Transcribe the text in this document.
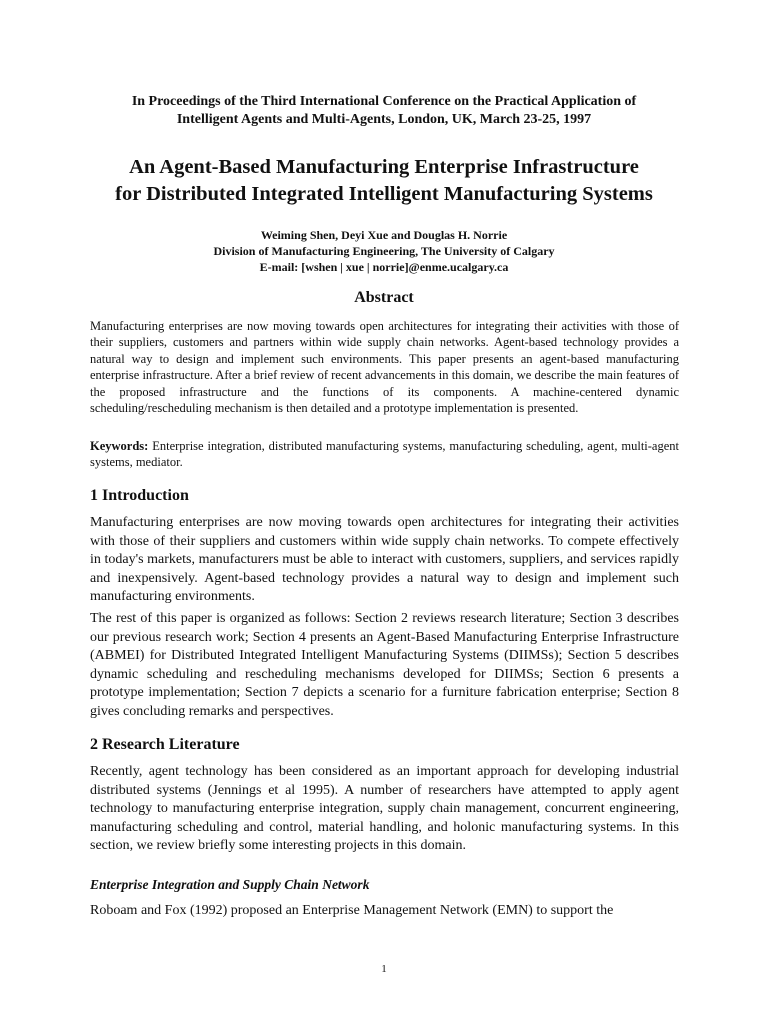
In Proceedings of the Third International Conference on the Practical Application of
Intelligent Agents and Multi-Agents, London, UK, March 23-25, 1997
An Agent-Based Manufacturing Enterprise Infrastructure
for Distributed Integrated Intelligent Manufacturing Systems
Weiming Shen, Deyi Xue and Douglas H. Norrie
Division of Manufacturing Engineering, The University of Calgary
E-mail: [wshen | xue | norrie]@enme.ucalgary.ca
Abstract
Manufacturing enterprises are now moving towards open architectures for integrating their activities with those of their suppliers, customers and partners within wide supply chain networks. Agent-based technology provides a natural way to design and implement such environments. This paper presents an agent-based manufacturing enterprise infrastructure. After a brief review of recent advancements in this domain, we describe the main features of the proposed infrastructure and the functions of its components. A machine-centered dynamic scheduling/rescheduling mechanism is then detailed and a prototype implementation is presented.
Keywords: Enterprise integration, distributed manufacturing systems, manufacturing scheduling, agent, multi-agent systems, mediator.
1 Introduction
Manufacturing enterprises are now moving towards open architectures for integrating their activities with those of their suppliers and customers within wide supply chain networks. To compete effectively in today's markets, manufacturers must be able to interact with customers, suppliers, and services rapidly and inexpensively. Agent-based technology provides a natural way to design and implement such manufacturing environments.
The rest of this paper is organized as follows: Section 2 reviews research literature; Section 3 describes our previous research work; Section 4 presents an Agent-Based Manufacturing Enterprise Infrastructure (ABMEI) for Distributed Integrated Intelligent Manufacturing Systems (DIIMSs); Section 5 describes dynamic scheduling and rescheduling mechanisms developed for DIIMSs; Section 6 presents a prototype implementation; Section 7 depicts a scenario for a furniture fabrication enterprise; Section 8 gives concluding remarks and perspectives.
2 Research Literature
Recently, agent technology has been considered as an important approach for developing industrial distributed systems (Jennings et al 1995). A number of researchers have attempted to apply agent technology to manufacturing enterprise integration, supply chain management, concurrent engineering, manufacturing scheduling and control, material handling, and holonic manufacturing systems. In this section, we review briefly some interesting projects in this domain.
Enterprise Integration and Supply Chain Network
Roboam and Fox (1992) proposed an Enterprise Management Network (EMN) to support the
1
